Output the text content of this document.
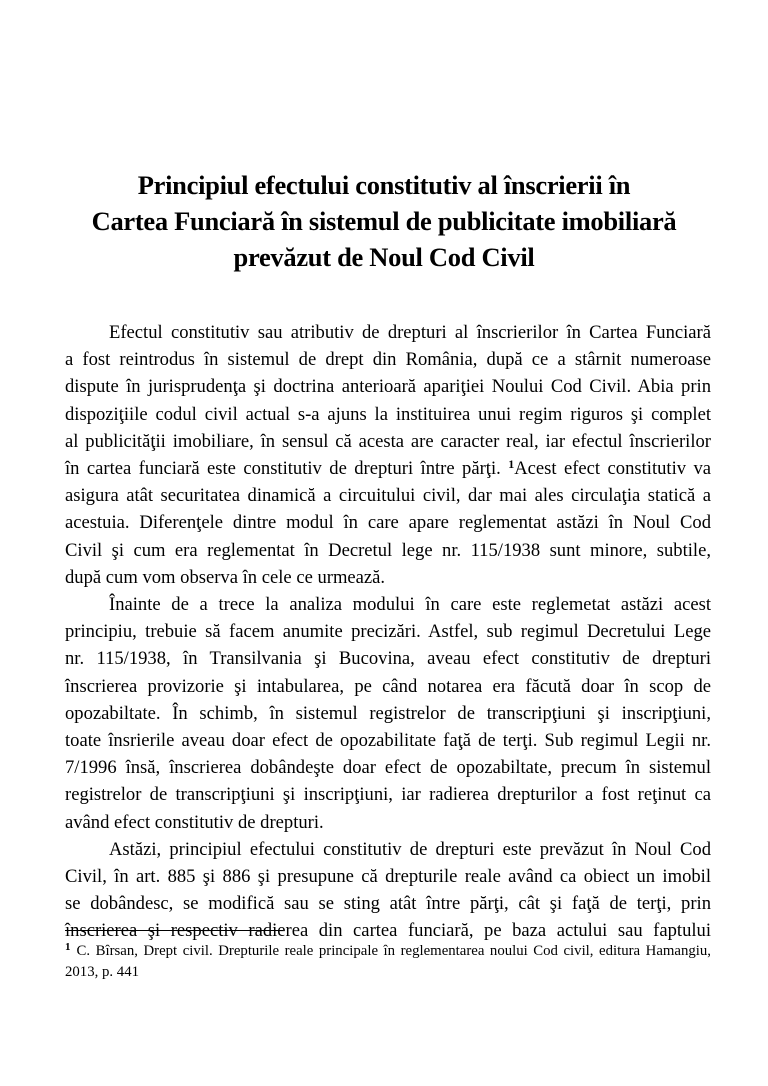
Principiul efectului constitutiv al înscrierii în
Cartea Funciară în sistemul de publicitate imobiliară
prevăzut de Noul Cod Civil
Efectul constitutiv sau atributiv de drepturi al înscrierilor în Cartea Funciară
a fost reintrodus în sistemul de drept din România, după ce a stârnit numeroase
dispute în jurisprudenţa şi doctrina anterioară apariţiei Noului Cod Civil. Abia prin
dispoziţiile codul civil actual s-a ajuns la instituirea unui regim riguros şi complet
al publicităţii imobiliare, în sensul că acesta are caracter real, iar efectul înscrierilor
în cartea funciară este constitutiv de drepturi între părţi. $^1$Acest efect constitutiv va
asigura atât securitatea dinamică a circuitului civil, dar mai ales circulaţia statică a
acestuia. Diferenţele dintre modul în care apare reglementat astăzi în Noul Cod
Civil şi cum era reglementat în Decretul lege nr. 115/1938 sunt minore, subtile,
după cum vom observa în cele ce urmează.
Înainte de a trece la analiza modului în care este reglemetat astăzi acest
principiu, trebuie să facem anumite precizări. Astfel, sub regimul Decretului Lege
nr. 115/1938, în Transilvania şi Bucovina, aveau efect constitutiv de drepturi
înscrierea provizorie şi intabularea, pe când notarea era făcută doar în scop de
opozabiltate. În schimb, în sistemul registrelor de transcripţiuni şi inscripţiuni,
toate însrierile aveau doar efect de opozabilitate faţă de terţi. Sub regimul Legii nr.
7/1996 însă, înscrierea dobândeşte doar efect de opozabiltate, precum în sistemul
registrelor de transcripţiuni şi inscripţiuni, iar radierea drepturilor a fost reţinut ca
având efect constitutiv de drepturi.
Astăzi, principiul efectului constitutiv de drepturi este prevăzut în Noul Cod
Civil, în art. 885 şi 886 şi presupune că drepturile reale având ca obiect un imobil
se dobândesc, se modifică sau se sting atât între părţi, cât şi faţă de terţi, prin
înscrierea şi respectiv radierea din cartea funciară, pe baza actului sau faptului
$^1$ C. Bîrsan, Drept civil. Drepturile reale principale în reglementarea noului Cod civil, editura Hamangiu,
2013, p. 441
